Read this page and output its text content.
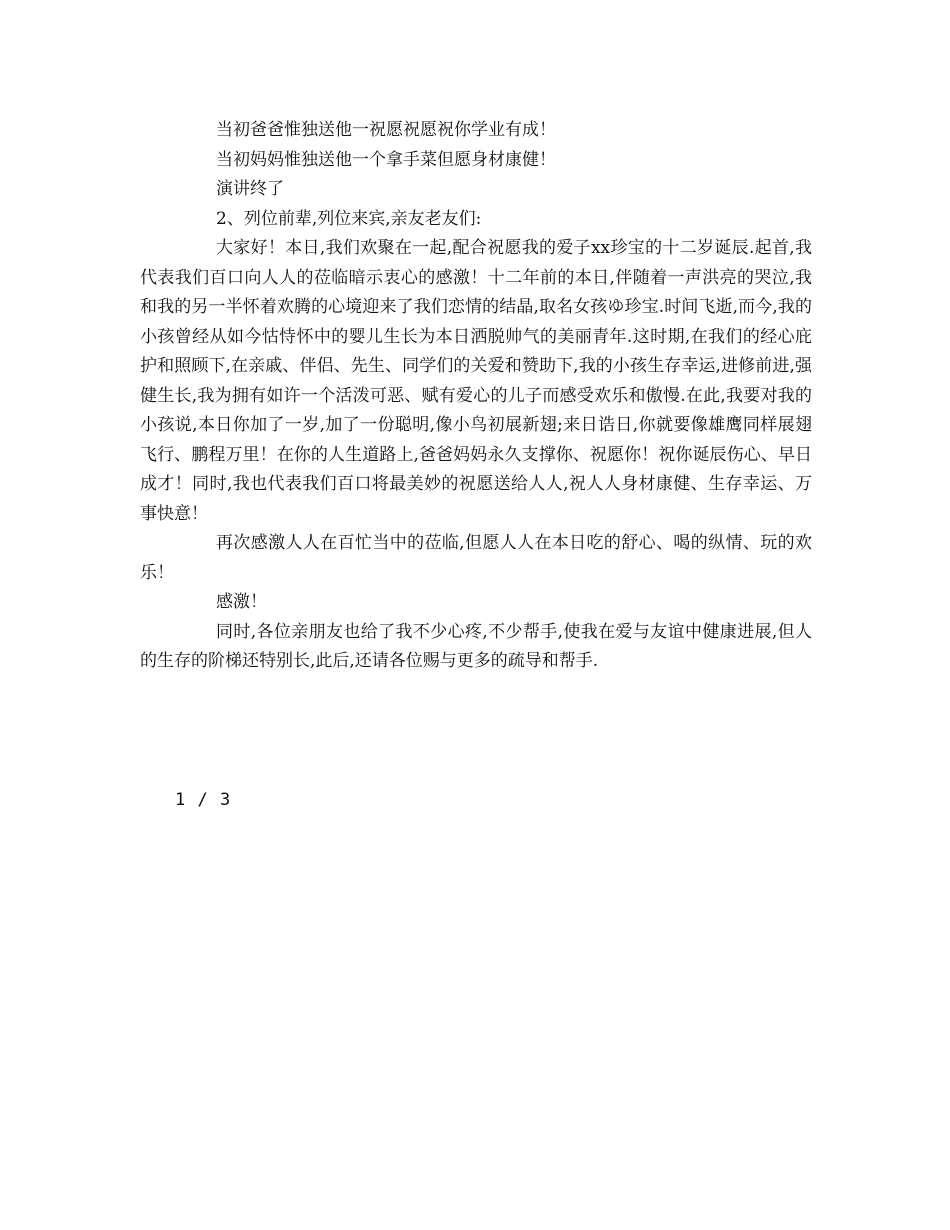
当初爸爸惟独送他一祝愿祝愿祝你学业有成！

当初妈妈惟独送他一个拿手菜但愿身材康健！

演讲终了

2、列位前辈,列位来宾,亲友老友们:

大家好！本日,我们欢聚在一起,配合祝愿我的爱子xx珍宝的十二岁诞辰.起首,我代表我们百口向人人的莅临暗示衷心的感激！十二年前的本日,伴随着一声洪亮的哭泣,我和我的另一半怀着欢腾的心境迎来了我们恋情的结晶,取名女孩ゆ珍宝.时间飞逝,而今,我的小孩曾经从如今怙恃怀中的婴儿生长为本日洒脱帅气的美丽青年.这时期,在我们的经心庇护和照顾下,在亲戚、伴侣、先生、同学们的关爱和赞助下,我的小孩生存幸运,进修前进,强健生长,我为拥有如许一个活泼可恶、赋有爱心的儿子而感受欢乐和傲慢.在此,我要对我的小孩说,本日你加了一岁,加了一份聪明,像小鸟初展新翅;来日诰日,你就要像雄鹰同样展翅飞行、鹏程万里！在你的人生道路上,爸爸妈妈永久支撑你、祝愿你！祝你诞辰伤心、早日成才！同时,我也代表我们百口将最美妙的祝愿送给人人,祝人人身材康健、生存幸运、万事快意！

再次感激人人在百忙当中的莅临,但愿人人在本日吃的舒心、喝的纵情、玩的欢乐！

感激！

同时,各位亲朋友也给了我不少心疼,不少帮手,使我在爱与友谊中健康进展,但人的生存的阶梯还特别长,此后,还请各位赐与更多的疏导和帮手.

1 / 3
